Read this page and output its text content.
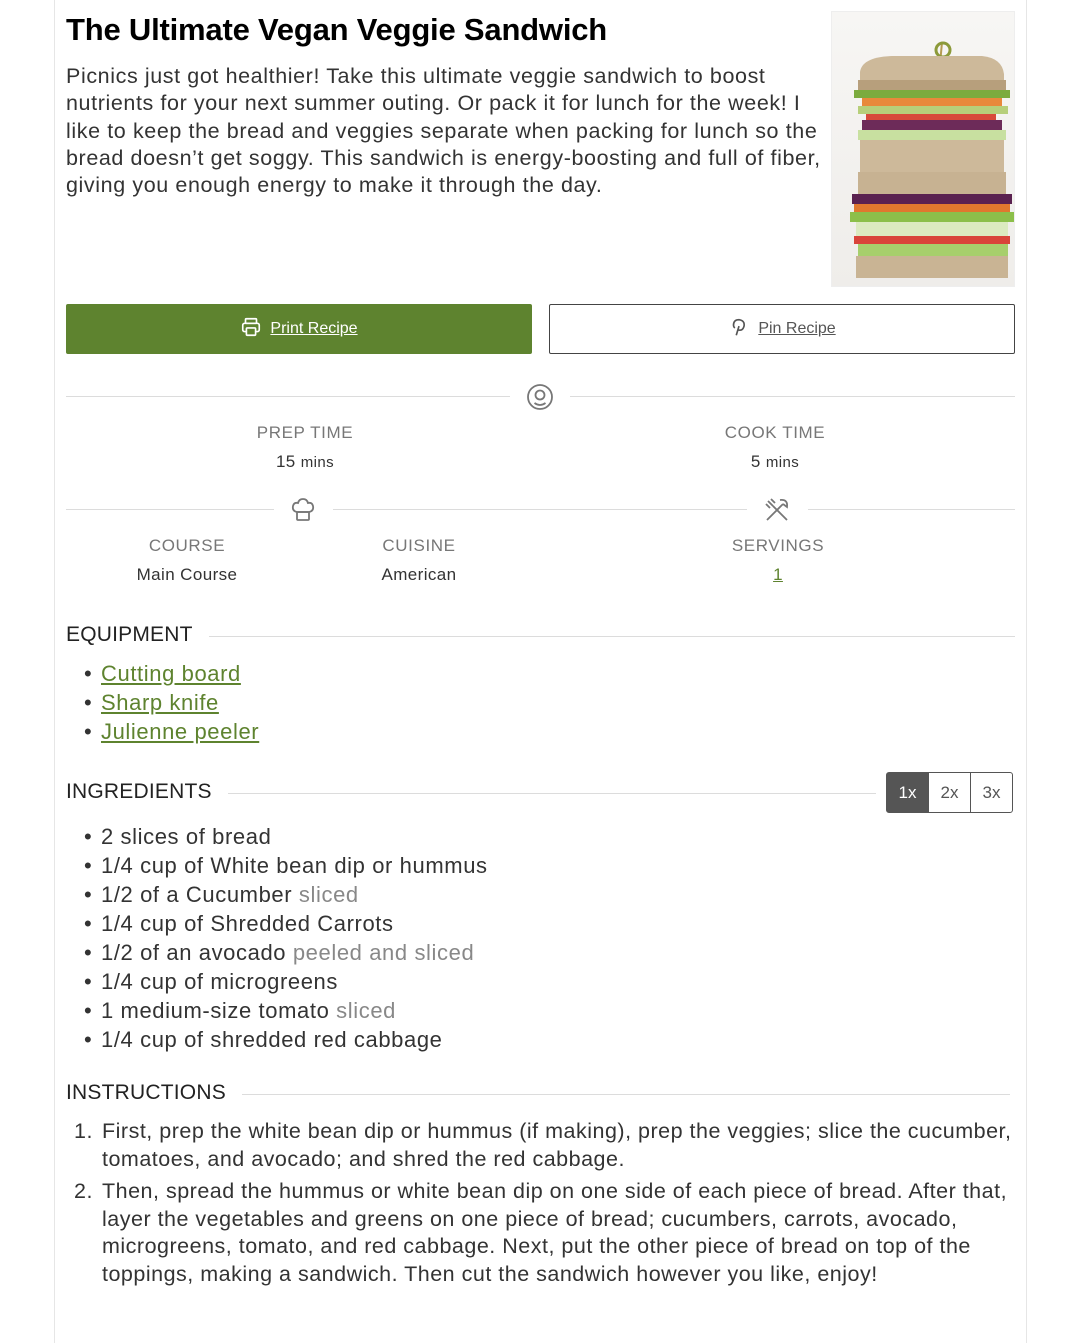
The Ultimate Vegan Veggie Sandwich

Picnics just got healthier! Take this ultimate veggie sandwich to boost nutrients for your next summer outing. Or pack it for lunch for the week! I like to keep the bread and veggies separate when packing for lunch so the bread doesn’t get soggy. This sandwich is energy-boosting and full of fiber, giving you enough energy to make it through the day.

Print Recipe	Pin Recipe
PREP TIME
15 mins
COOK TIME
5 mins
COURSE
Main Course
CUISINE
American
SERVINGS
1
EQUIPMENT
• Cutting board
• Sharp knife
• Julienne peeler
INGREDIENTS	1x	2x	3x
• 2 slices of bread
• 1/4 cup of White bean dip or hummus
• 1/2 of a Cucumber sliced
• 1/4 cup of Shredded Carrots
• 1/2 of an avocado peeled and sliced
• 1/4 cup of microgreens
• 1 medium-size tomato sliced
• 1/4 cup of shredded red cabbage
INSTRUCTIONS
1. First, prep the white bean dip or hummus (if making), prep the veggies; slice the cucumber, tomatoes, and avocado; and shred the red cabbage.
2. Then, spread the hummus or white bean dip on one side of each piece of bread. After that, layer the vegetables and greens on one piece of bread; cucumbers, carrots, avocado, microgreens, tomato, and red cabbage. Next, put the other piece of bread on top of the toppings, making a sandwich. Then cut the sandwich however you like, enjoy!
